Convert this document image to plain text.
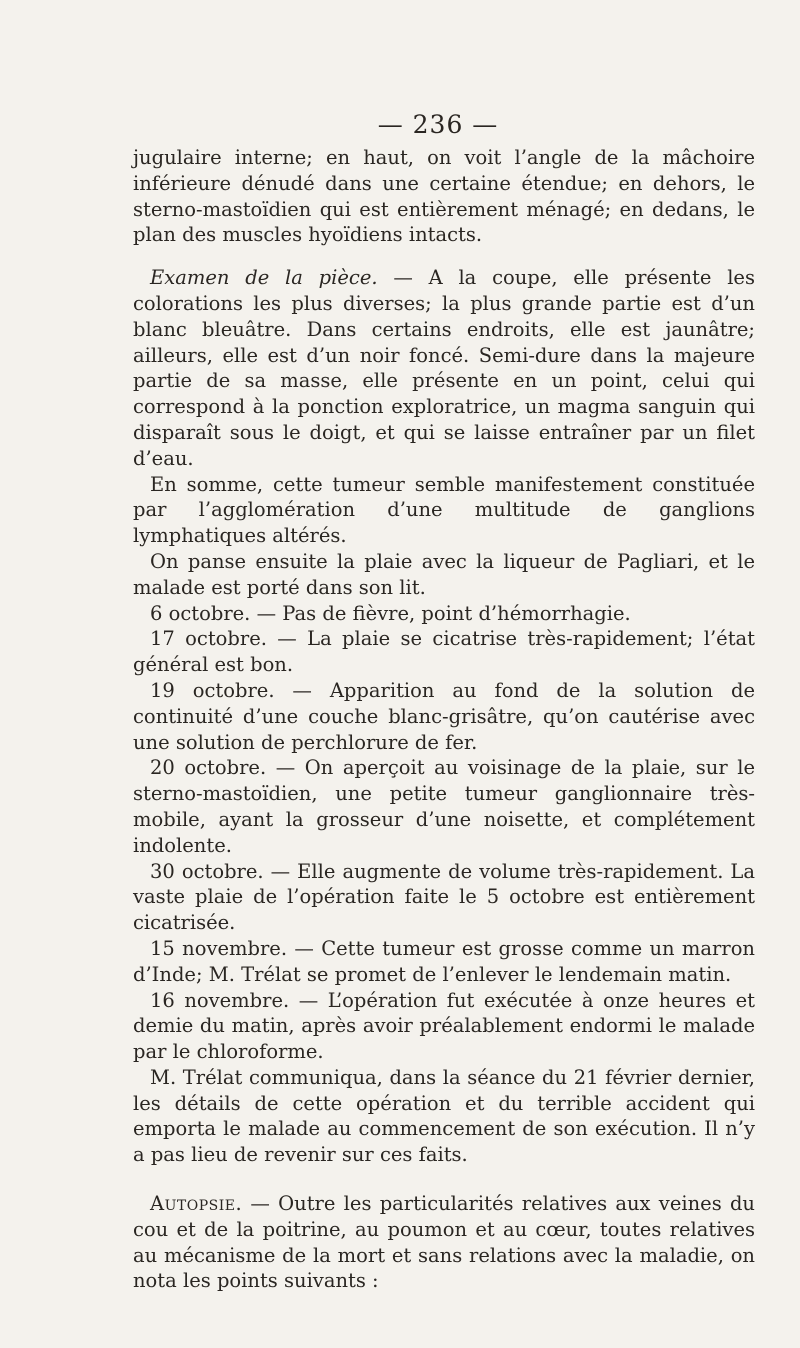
— 236 —

jugulaire interne; en haut, on voit l’angle de la mâchoire inférieure dénudé dans une certaine étendue; en dehors, le sterno-mastoïdien qui est entièrement ménagé; en dedans, le plan des muscles hyoïdiens intacts.

Examen de la pièce. — A la coupe, elle présente les colorations les plus diverses; la plus grande partie est d’un blanc bleuâtre. Dans certains endroits, elle est jaunâtre; ailleurs, elle est d’un noir foncé. Semi-dure dans la majeure partie de sa masse, elle présente en un point, celui qui correspond à la ponction exploratrice, un magma sanguin qui disparaît sous le doigt, et qui se laisse entraîner par un filet d’eau.

En somme, cette tumeur semble manifestement constituée par l’agglomération d’une multitude de ganglions lymphatiques altérés.

On panse ensuite la plaie avec la liqueur de Pagliari, et le malade est porté dans son lit.

6 octobre. — Pas de fièvre, point d’hémorrhagie.

17 octobre. — La plaie se cicatrise très-rapidement; l’état général est bon.

19 octobre. — Apparition au fond de la solution de continuité d’une couche blanc-grisâtre, qu’on cautérise avec une solution de perchlorure de fer.

20 octobre. — On aperçoit au voisinage de la plaie, sur le sterno-mastoïdien, une petite tumeur ganglionnaire très-mobile, ayant la grosseur d’une noisette, et complétement indolente.

30 octobre. — Elle augmente de volume très-rapidement. La vaste plaie de l’opération faite le 5 octobre est entièrement cicatrisée.

15 novembre. — Cette tumeur est grosse comme un marron d’Inde; M. Trélat se promet de l’enlever le lendemain matin.

16 novembre. — L’opération fut exécutée à onze heures et demie du matin, après avoir préalablement endormi le malade par le chloroforme.

M. Trélat communiqua, dans la séance du 21 février dernier, les détails de cette opération et du terrible accident qui emporta le malade au commencement de son exécution. Il n’y a pas lieu de revenir sur ces faits.

Autopsie. — Outre les particularités relatives aux veines du cou et de la poitrine, au poumon et au cœur, toutes relatives au mécanisme de la mort et sans relations avec la maladie, on nota les points suivants :
